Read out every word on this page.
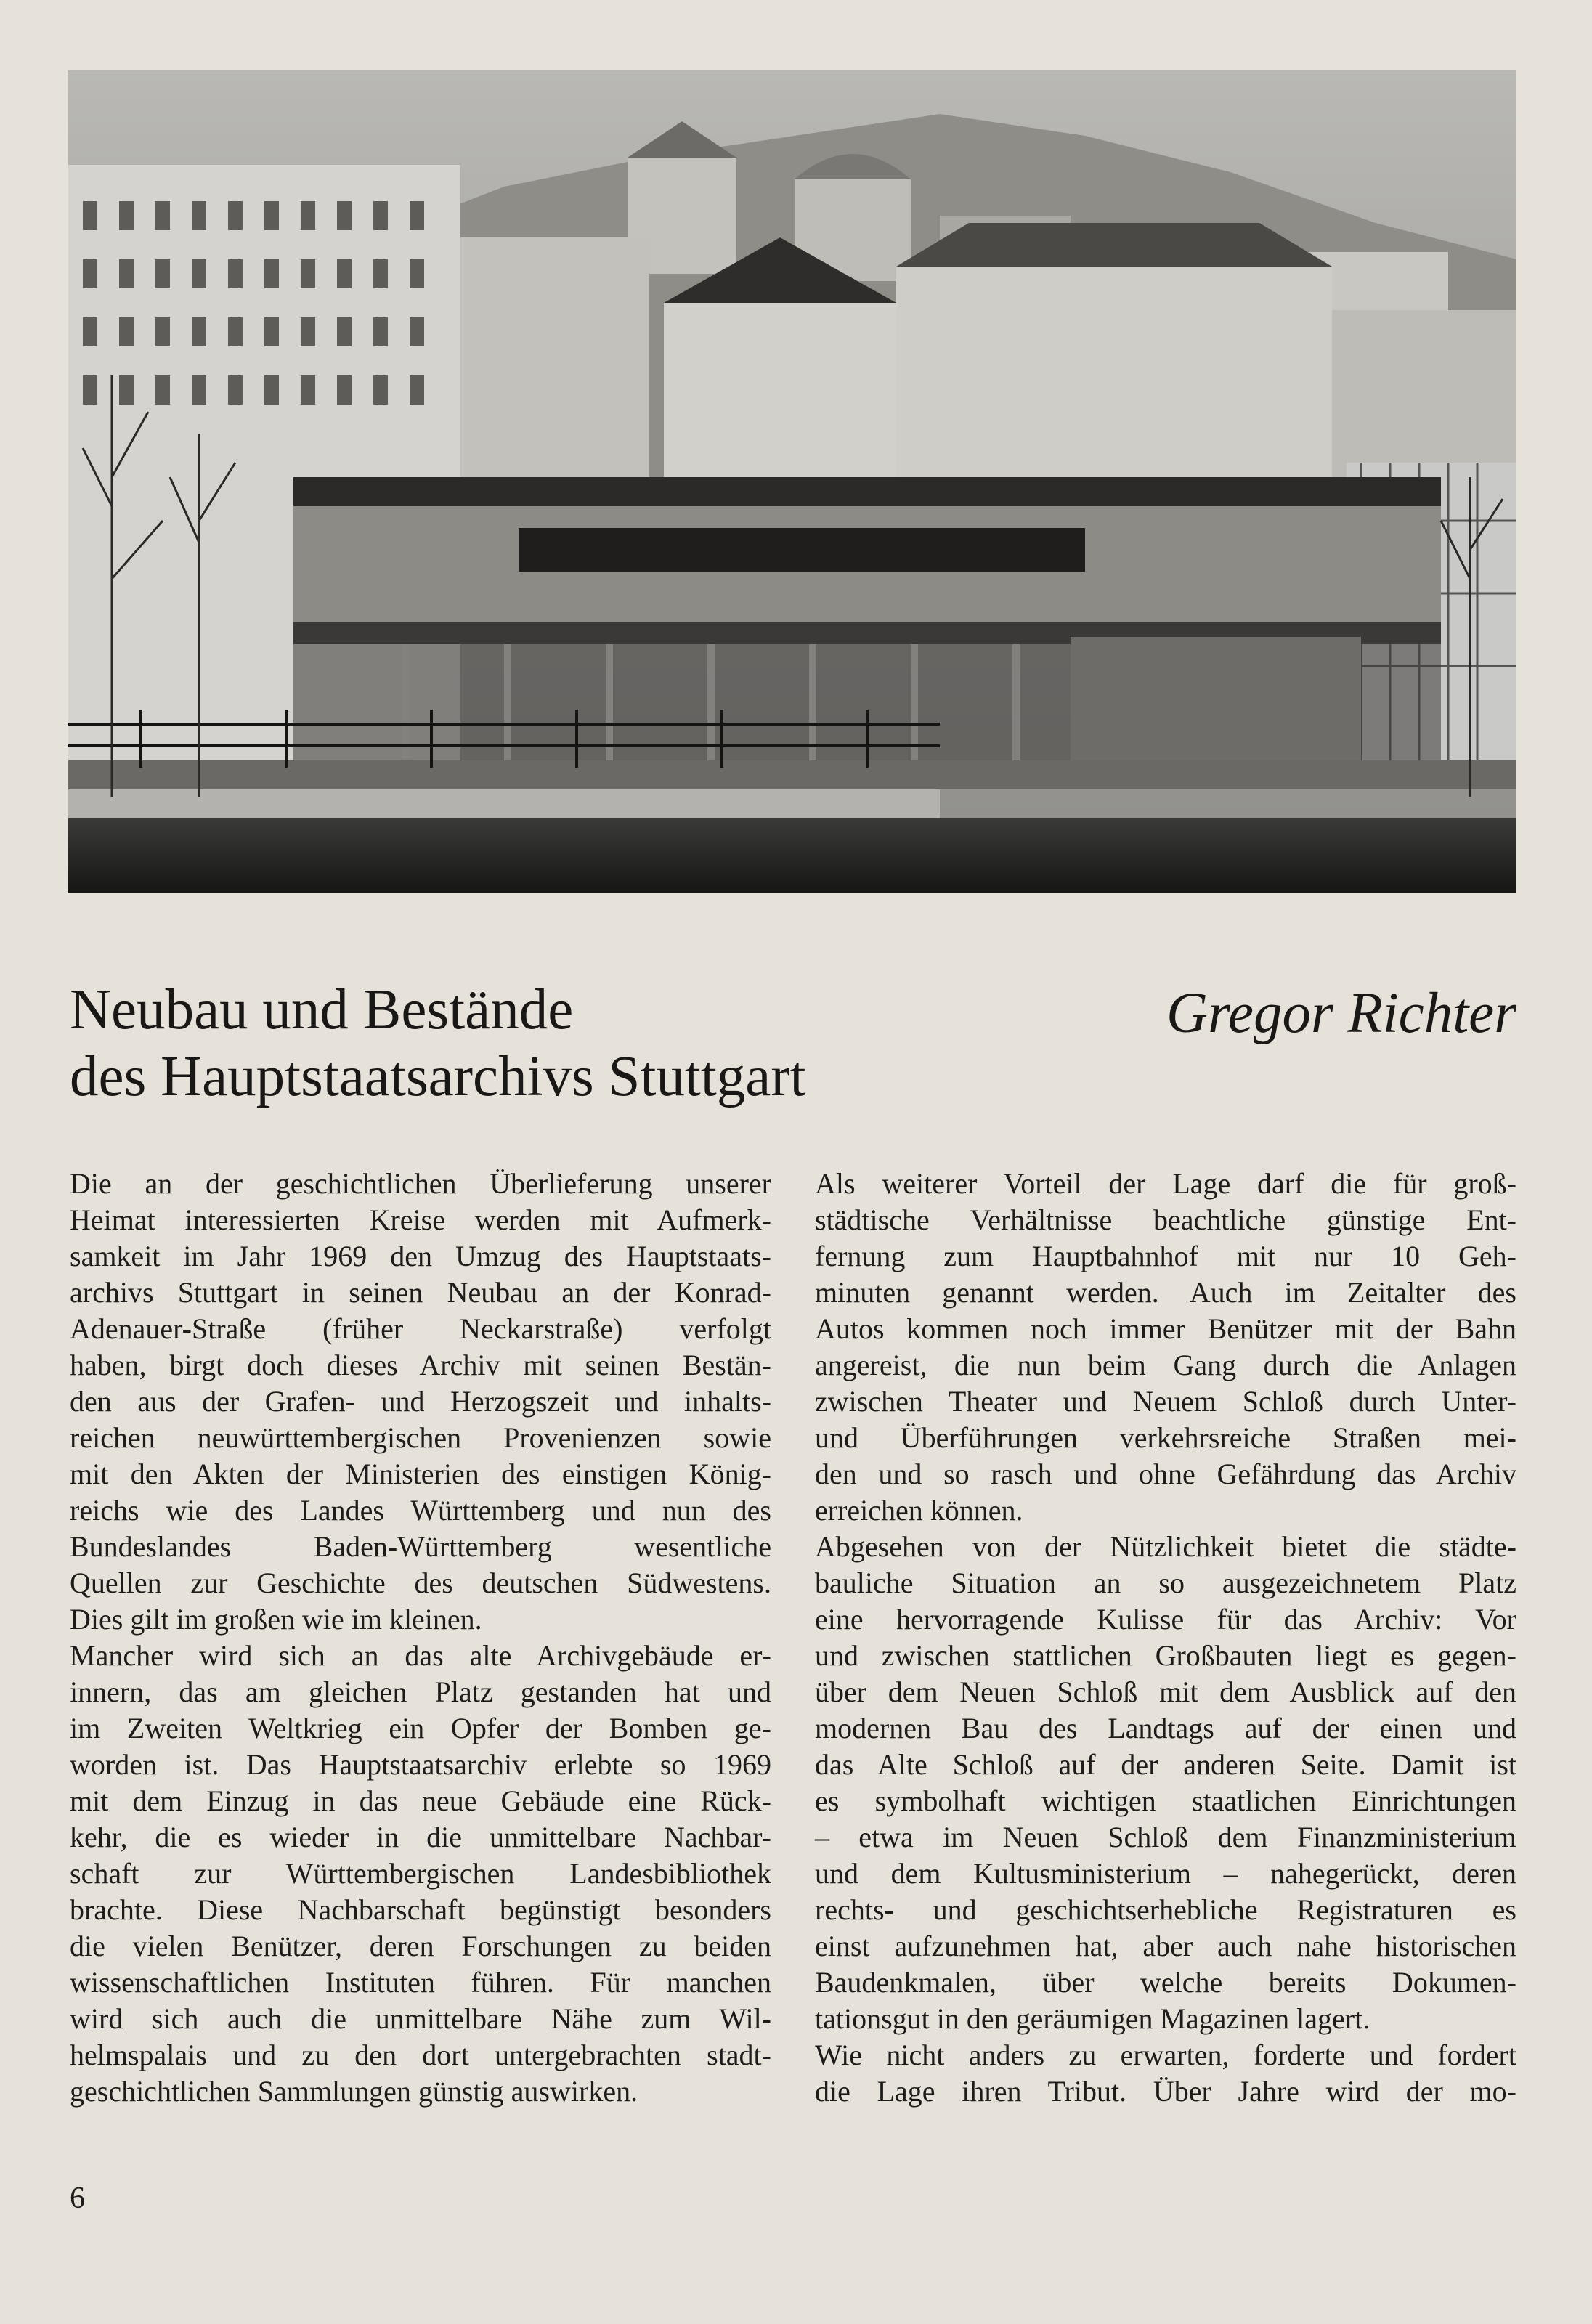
Neubau und Bestände
des Hauptstaatsarchivs Stuttgart
Gregor Richter
Die an der geschichtlichen Überlieferung unserer
Heimat interessierten Kreise werden mit Aufmerk-
samkeit im Jahr 1969 den Umzug des Hauptstaats-
archivs Stuttgart in seinen Neubau an der Konrad-
Adenauer-Straße (früher Neckarstraße) verfolgt
haben, birgt doch dieses Archiv mit seinen Bestän-
den aus der Grafen- und Herzogszeit und inhalts-
reichen neuwürttembergischen Provenienzen sowie
mit den Akten der Ministerien des einstigen König-
reichs wie des Landes Württemberg und nun des
Bundeslandes Baden-Württemberg wesentliche
Quellen zur Geschichte des deutschen Südwestens.
Dies gilt im großen wie im kleinen.
Mancher wird sich an das alte Archivgebäude er-
innern, das am gleichen Platz gestanden hat und
im Zweiten Weltkrieg ein Opfer der Bomben ge-
worden ist. Das Hauptstaatsarchiv erlebte so 1969
mit dem Einzug in das neue Gebäude eine Rück-
kehr, die es wieder in die unmittelbare Nachbar-
schaft zur Württembergischen Landesbibliothek
brachte. Diese Nachbarschaft begünstigt besonders
die vielen Benützer, deren Forschungen zu beiden
wissenschaftlichen Instituten führen. Für manchen
wird sich auch die unmittelbare Nähe zum Wil-
helmspalais und zu den dort untergebrachten stadt-
geschichtlichen Sammlungen günstig auswirken.
Als weiterer Vorteil der Lage darf die für groß-
städtische Verhältnisse beachtliche günstige Ent-
fernung zum Hauptbahnhof mit nur 10 Geh-
minuten genannt werden. Auch im Zeitalter des
Autos kommen noch immer Benützer mit der Bahn
angereist, die nun beim Gang durch die Anlagen
zwischen Theater und Neuem Schloß durch Unter-
und Überführungen verkehrsreiche Straßen mei-
den und so rasch und ohne Gefährdung das Archiv
erreichen können.
Abgesehen von der Nützlichkeit bietet die städte-
bauliche Situation an so ausgezeichnetem Platz
eine hervorragende Kulisse für das Archiv: Vor
und zwischen stattlichen Großbauten liegt es gegen-
über dem Neuen Schloß mit dem Ausblick auf den
modernen Bau des Landtags auf der einen und
das Alte Schloß auf der anderen Seite. Damit ist
es symbolhaft wichtigen staatlichen Einrichtungen
– etwa im Neuen Schloß dem Finanzministerium
und dem Kultusministerium – nahegerückt, deren
rechts- und geschichtserhebliche Registraturen es
einst aufzunehmen hat, aber auch nahe historischen
Baudenkmalen, über welche bereits Dokumen-
tationsgut in den geräumigen Magazinen lagert.
Wie nicht anders zu erwarten, forderte und fordert
die Lage ihren Tribut. Über Jahre wird der mo-
6
